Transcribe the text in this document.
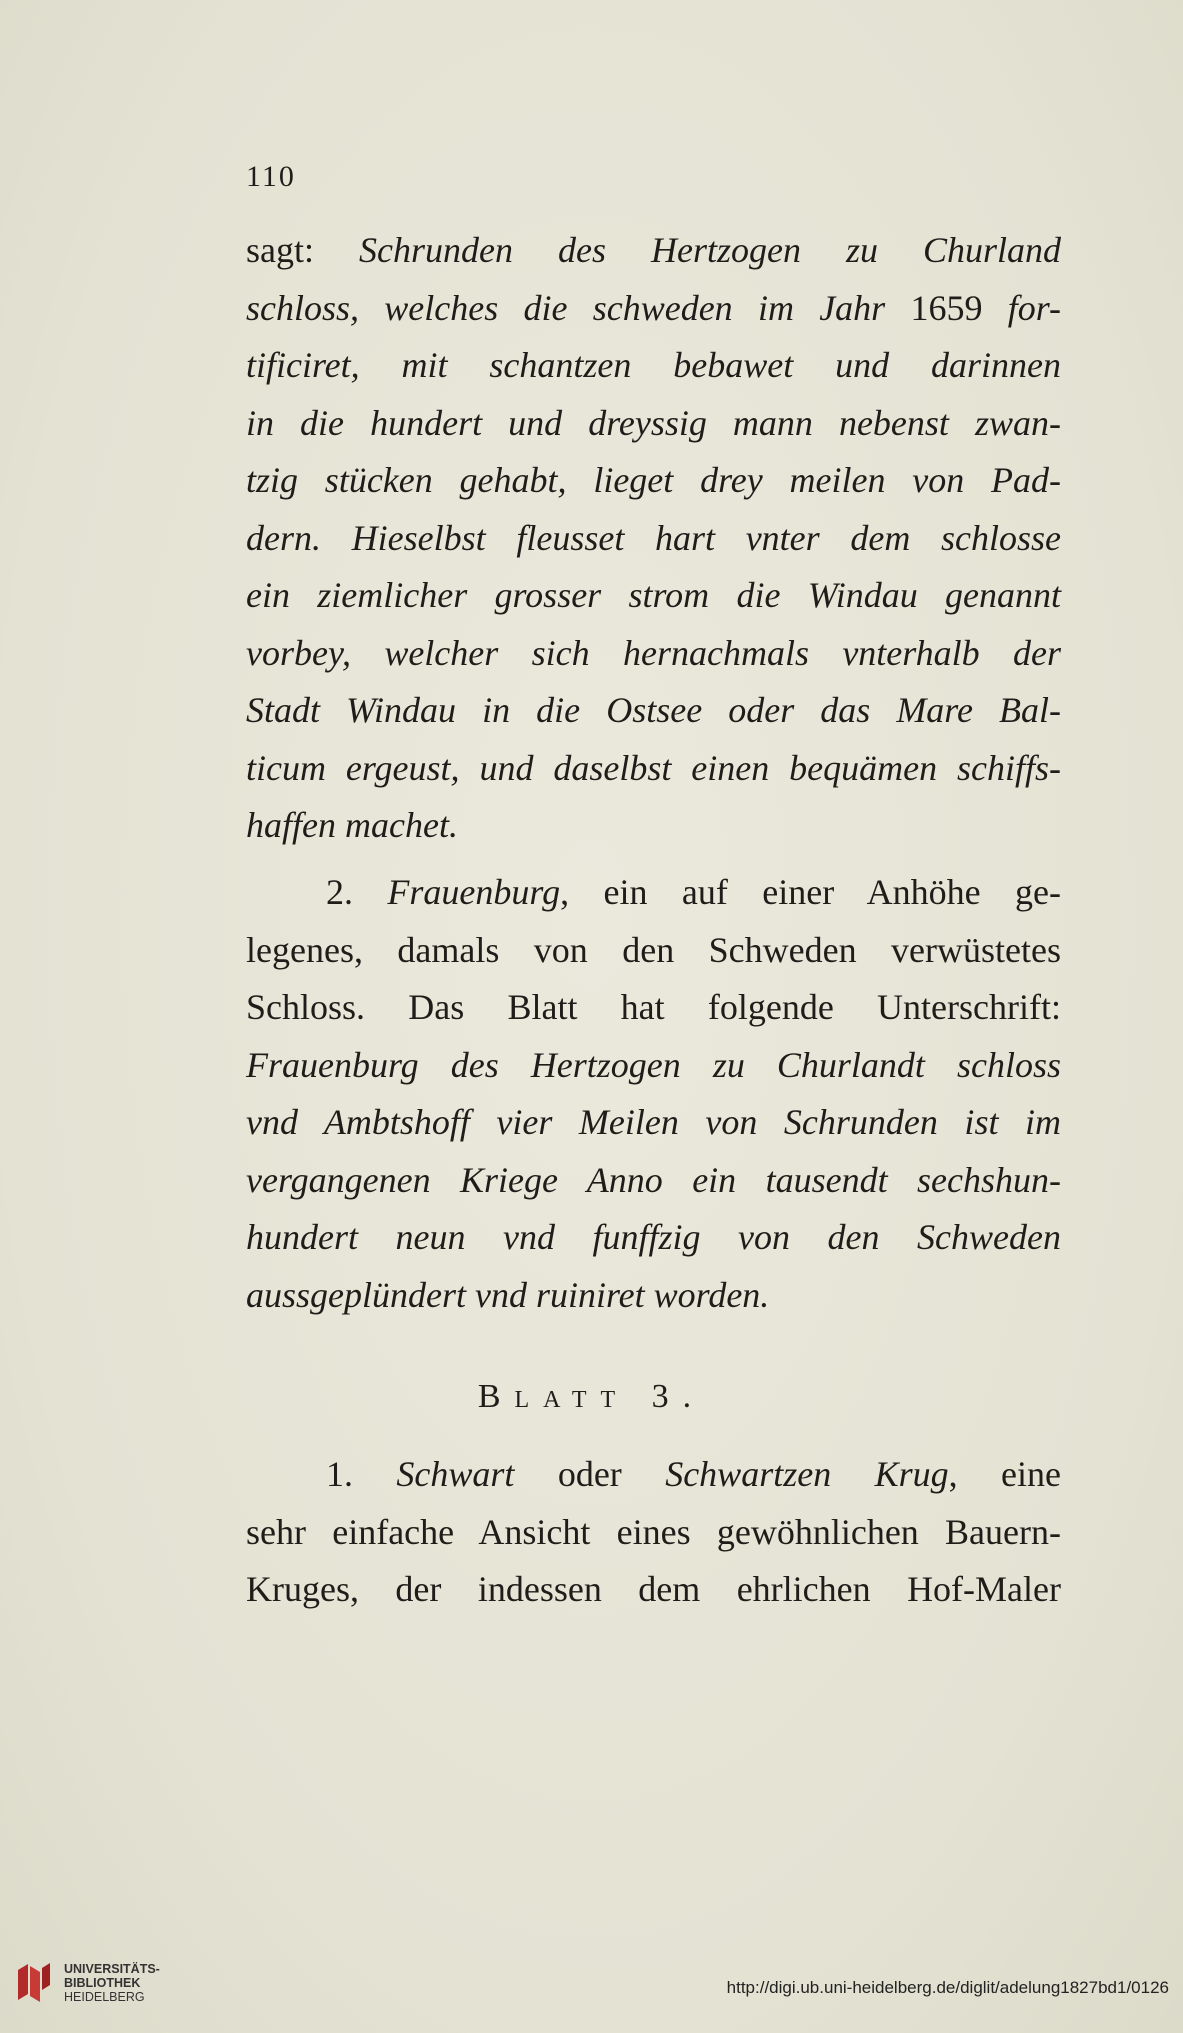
110
sagt: Schrunden des Hertzogen zu Churland
schloss, welches die schweden im Jahr 1659 for-
tificiret, mit schantzen bebawet und darinnen
in die hundert und dreyssig mann nebenst zwan-
tzig stücken gehabt, lieget drey meilen von Pad-
dern. Hieselbst fleusset hart vnter dem schlosse
ein ziemlicher grosser strom die Windau genannt
vorbey, welcher sich hernachmals vnterhalb der
Stadt Windau in die Ostsee oder das Mare Bal-
ticum ergeust, und daselbst einen bequämen schiffs-
haffen machet.
2. Frauenburg, ein auf einer Anhöhe ge-
legenes, damals von den Schweden verwüstetes
Schloss. Das Blatt hat folgende Unterschrift:
Frauenburg des Hertzogen zu Churlandt schloss
vnd Ambtshoff vier Meilen von Schrunden ist im
vergangenen Kriege Anno ein tausendt sechshun-
hundert neun vnd funffzig von den Schweden
aussgeplündert vnd ruiniret worden.
Blatt 3.
1. Schwart oder Schwartzen Krug, eine
sehr einfache Ansicht eines gewöhnlichen Bauern-
Kruges, der indessen dem ehrlichen Hof-Maler
UNIVERSITÄTS-
BIBLIOTHEK
HEIDELBERG	http://digi.ub.uni-heidelberg.de/diglit/adelung1827bd1/0126
